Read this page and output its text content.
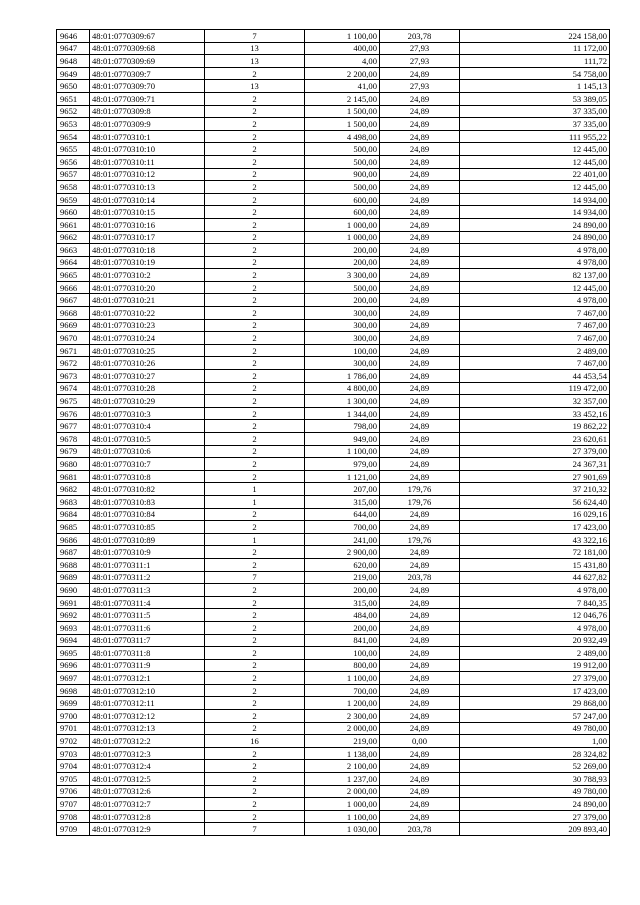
9646	48:01:0770309:67	7	1 100,00	203,78	224 158,00
9647	48:01:0770309:68	13	400,00	27,93	11 172,00
9648	48:01:0770309:69	13	4,00	27,93	111,72
9649	48:01:0770309:7	2	2 200,00	24,89	54 758,00
9650	48:01:0770309:70	13	41,00	27,93	1 145,13
9651	48:01:0770309:71	2	2 145,00	24,89	53 389,05
9652	48:01:0770309:8	2	1 500,00	24,89	37 335,00
9653	48:01:0770309:9	2	1 500,00	24,89	37 335,00
9654	48:01:0770310:1	2	4 498,00	24,89	111 955,22
9655	48:01:0770310:10	2	500,00	24,89	12 445,00
9656	48:01:0770310:11	2	500,00	24,89	12 445,00
9657	48:01:0770310:12	2	900,00	24,89	22 401,00
9658	48:01:0770310:13	2	500,00	24,89	12 445,00
9659	48:01:0770310:14	2	600,00	24,89	14 934,00
9660	48:01:0770310:15	2	600,00	24,89	14 934,00
9661	48:01:0770310:16	2	1 000,00	24,89	24 890,00
9662	48:01:0770310:17	2	1 000,00	24,89	24 890,00
9663	48:01:0770310:18	2	200,00	24,89	4 978,00
9664	48:01:0770310:19	2	200,00	24,89	4 978,00
9665	48:01:0770310:2	2	3 300,00	24,89	82 137,00
9666	48:01:0770310:20	2	500,00	24,89	12 445,00
9667	48:01:0770310:21	2	200,00	24,89	4 978,00
9668	48:01:0770310:22	2	300,00	24,89	7 467,00
9669	48:01:0770310:23	2	300,00	24,89	7 467,00
9670	48:01:0770310:24	2	300,00	24,89	7 467,00
9671	48:01:0770310:25	2	100,00	24,89	2 489,00
9672	48:01:0770310:26	2	300,00	24,89	7 467,00
9673	48:01:0770310:27	2	1 786,00	24,89	44 453,54
9674	48:01:0770310:28	2	4 800,00	24,89	119 472,00
9675	48:01:0770310:29	2	1 300,00	24,89	32 357,00
9676	48:01:0770310:3	2	1 344,00	24,89	33 452,16
9677	48:01:0770310:4	2	798,00	24,89	19 862,22
9678	48:01:0770310:5	2	949,00	24,89	23 620,61
9679	48:01:0770310:6	2	1 100,00	24,89	27 379,00
9680	48:01:0770310:7	2	979,00	24,89	24 367,31
9681	48:01:0770310:8	2	1 121,00	24,89	27 901,69
9682	48:01:0770310:82	1	207,00	179,76	37 210,32
9683	48:01:0770310:83	1	315,00	179,76	56 624,40
9684	48:01:0770310:84	2	644,00	24,89	16 029,16
9685	48:01:0770310:85	2	700,00	24,89	17 423,00
9686	48:01:0770310:89	1	241,00	179,76	43 322,16
9687	48:01:0770310:9	2	2 900,00	24,89	72 181,00
9688	48:01:0770311:1	2	620,00	24,89	15 431,80
9689	48:01:0770311:2	7	219,00	203,78	44 627,82
9690	48:01:0770311:3	2	200,00	24,89	4 978,00
9691	48:01:0770311:4	2	315,00	24,89	7 840,35
9692	48:01:0770311:5	2	484,00	24,89	12 046,76
9693	48:01:0770311:6	2	200,00	24,89	4 978,00
9694	48:01:0770311:7	2	841,00	24,89	20 932,49
9695	48:01:0770311:8	2	100,00	24,89	2 489,00
9696	48:01:0770311:9	2	800,00	24,89	19 912,00
9697	48:01:0770312:1	2	1 100,00	24,89	27 379,00
9698	48:01:0770312:10	2	700,00	24,89	17 423,00
9699	48:01:0770312:11	2	1 200,00	24,89	29 868,00
9700	48:01:0770312:12	2	2 300,00	24,89	57 247,00
9701	48:01:0770312:13	2	2 000,00	24,89	49 780,00
9702	48:01:0770312:2	16	219,00	0,00	1,00
9703	48:01:0770312:3	2	1 138,00	24,89	28 324,82
9704	48:01:0770312:4	2	2 100,00	24,89	52 269,00
9705	48:01:0770312:5	2	1 237,00	24,89	30 788,93
9706	48:01:0770312:6	2	2 000,00	24,89	49 780,00
9707	48:01:0770312:7	2	1 000,00	24,89	24 890,00
9708	48:01:0770312:8	2	1 100,00	24,89	27 379,00
9709	48:01:0770312:9	7	1 030,00	203,78	209 893,40
